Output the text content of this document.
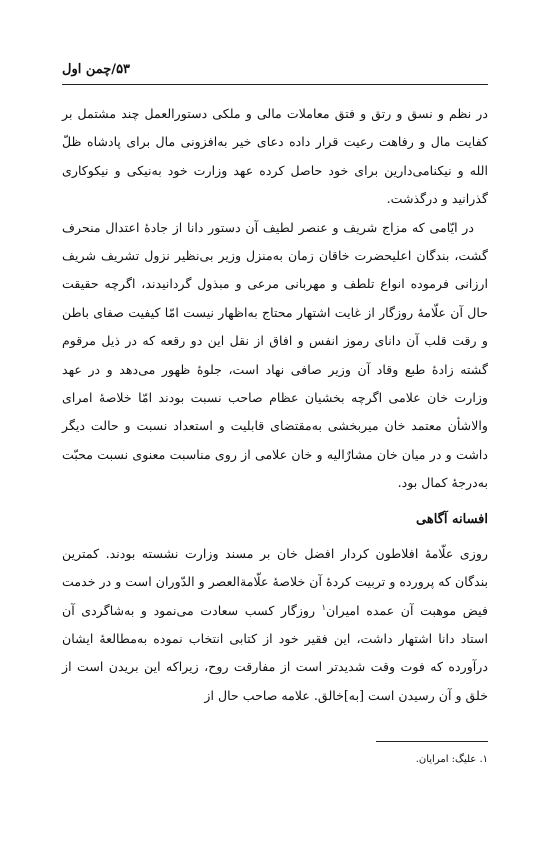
۵۳/چمن اول

در نظم و نسق و رتق و فتق معاملات مالی و ملکی دستورالعمل چند مشتمل بر کفایت مال و رفاهت رعیت قرار داده دعای خیر به‌افزونی مال برای پادشاه ظلّ الله و نیکنامی‌دارین برای خود حاصل کرده عهد وزارت خود به‌نیکی و نیکوکاری گذرانید و درگذشت.

در ایّامی که مزاج شریف و عنصر لطیف آن دستور دانا از جادهٔ اعتدال منحرف گشت، بندگان اعلیحضرت خاقان زمان به‌منزل وزیر بی‌نظیر نزول تشریف شریف ارزانی فرموده انواع تلطف و مهربانی مرعی و مبذول گردانیدند، اگرچه حقیقت حال آن علّامهٔ روزگار از غایت اشتهار محتاج به‌اظهار نیست امّا کیفیت صفای باطن و رقت قلب آن دانای رموز انفس و افاق از نقل این دو رقعه که در ذیل مرقوم گشته زادهٔ طبع وقاد آن وزیر صافی نهاد است، جلوهٔ ظهور می‌دهد و در عهد وزارت خان علامی اگرچه بخشیان عظام صاحب نسبت بودند امّا خلاصهٔ امرای والاشأن معتمد خان میربخشی به‌مقتضای قابلیت و استعداد نسبت و حالت دیگر داشت و در میان خان مشارٌالیه و خان علامی از روی مناسبت معنوی نسبت محبّت به‌درجهٔ کمال بود.

افسانه آگاهی

روزی علّامهٔ افلاطون کردار افضل خان بر مسند وزارت نشسته بودند. کمترین بندگان که پرورده و تربیت کردهٔ آن خلاصهٔ علّامةالعصر و الدّوران است و در خدمت فیض موهبت آن عمده امیران$^۱$ روزگار کسب سعادت می‌نمود و به‌شاگردی آن استاد دانا اشتهار داشت، این فقیر خود از کتابی انتخاب نموده به‌مطالعهٔ ایشان درآورده که فوت وقت شدیدتر است از مفارقت روح، زیراکه این بریدن است از خلق و آن رسیدن است [به]خالق. علامه صاحب حال از

۱. علیگ: امرایان.
